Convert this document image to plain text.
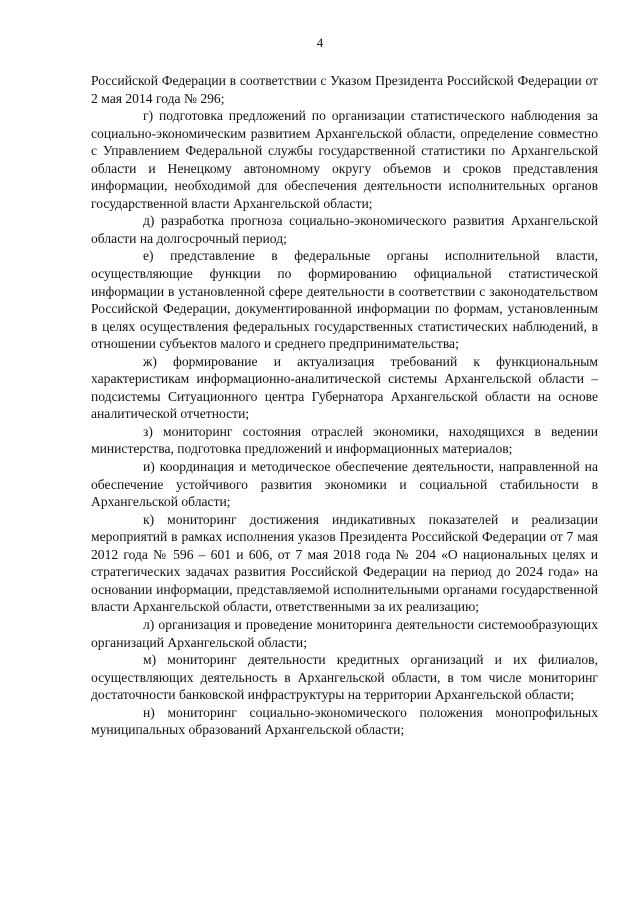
4

Российской Федерации в соответствии с Указом Президента Российской Федерации от 2 мая 2014 года № 296;

г) подготовка предложений по организации статистического наблюдения за социально-экономическим развитием Архангельской области, определение совместно с Управлением Федеральной службы государственной статистики по Архангельской области и Ненецкому автономному округу объемов и сроков представления информации, необходимой для обеспечения деятельности исполнительных органов государственной власти Архангельской области;

д) разработка прогноза социально-экономического развития Архангельской области на долгосрочный период;

е) представление в федеральные органы исполнительной власти, осуществляющие функции по формированию официальной статистической информации в установленной сфере деятельности в соответствии с законодательством Российской Федерации, документированной информации по формам, установленным в целях осуществления федеральных государственных статистических наблюдений, в отношении субъектов малого и среднего предпринимательства;

ж) формирование и актуализация требований к функциональным характеристикам информационно-аналитической системы Архангельской области – подсистемы Ситуационного центра Губернатора Архангельской области на основе аналитической отчетности;

з) мониторинг состояния отраслей экономики, находящихся в ведении министерства, подготовка предложений и информационных материалов;

и) координация и методическое обеспечение деятельности, направленной на обеспечение устойчивого развития экономики и социальной стабильности в Архангельской области;

к) мониторинг достижения индикативных показателей и реализации мероприятий в рамках исполнения указов Президента Российской Федерации от 7 мая 2012 года № 596 – 601 и 606, от 7 мая 2018 года № 204 «О национальных целях и стратегических задачах развития Российской Федерации на период до 2024 года» на основании информации, представляемой исполнительными органами государственной власти Архангельской области, ответственными за их реализацию;

л) организация и проведение мониторинга деятельности системообразующих организаций Архангельской области;

м) мониторинг деятельности кредитных организаций и их филиалов, осуществляющих деятельность в Архангельской области, в том числе мониторинг достаточности банковской инфраструктуры на территории Архангельской области;

н) мониторинг социально-экономического положения монопрофильных муниципальных образований Архангельской области;
